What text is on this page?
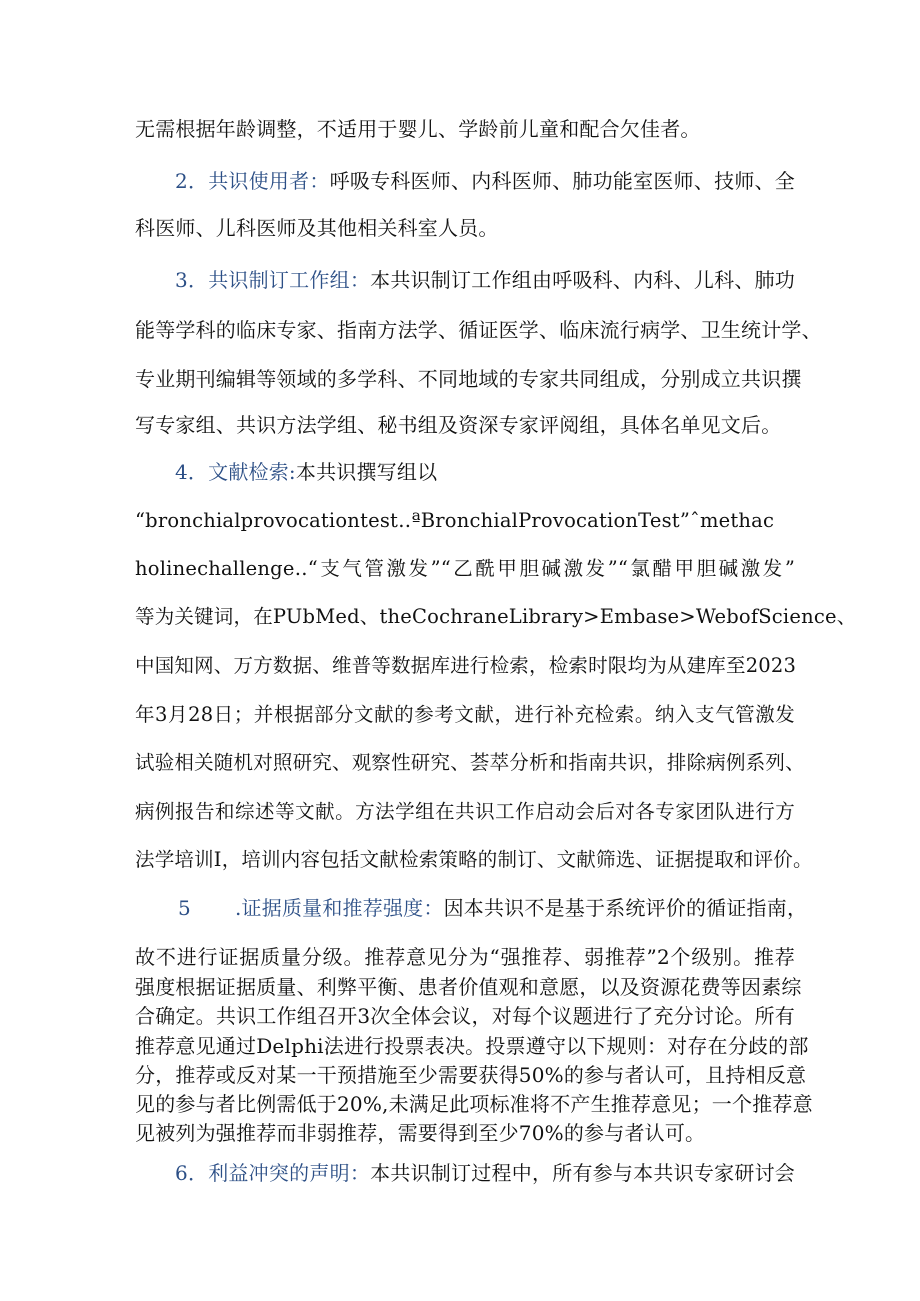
无需根据年龄调整，不适用于婴儿、学龄前儿童和配合欠佳者。
2．共识使用者：呼吸专科医师、内科医师、肺功能室医师、技师、全
科医师、儿科医师及其他相关科室人员。
3．共识制订工作组：本共识制订工作组由呼吸科、内科、儿科、肺功
能等学科的临床专家、指南方法学、循证医学、临床流行病学、卫生统计学、
专业期刊编辑等领域的多学科、不同地域的专家共同组成，分别成立共识撰
写专家组、共识方法学组、秘书组及资深专家评阅组，具体名单见文后。
4．文献检索:本共识撰写组以
“bronchialprovocationtest‥ªBronchialProvocationTest”ˆmethac
holinechallenge‥“支气管激发”“乙酰甲胆碱激发”“氯醋甲胆碱激发”
等为关键词，在PUbMed、theCochraneLibrary>Embase>WebofScience、
中国知网、万方数据、维普等数据库进行检索，检索时限均为从建库至2023
年3月28日；并根据部分文献的参考文献，进行补充检索。纳入支气管激发
试验相关随机对照研究、观察性研究、荟萃分析和指南共识，排除病例系列、
病例报告和综述等文献。方法学组在共识工作启动会后对各专家团队进行方
法学培训I，培训内容包括文献检索策略的制订、文献筛选、证据提取和评价。
5	.证据质量和推荐强度：因本共识不是基于系统评价的循证指南，
故不进行证据质量分级。推荐意见分为“强推荐、弱推荐”2个级别。推荐
强度根据证据质量、利弊平衡、患者价值观和意愿，以及资源花费等因素综
合确定。共识工作组召开3次全体会议，对每个议题进行了充分讨论。所有
推荐意见通过Delphi法进行投票表决。投票遵守以下规则：对存在分歧的部
分，推荐或反对某一干预措施至少需要获得50%的参与者认可，且持相反意
见的参与者比例需低于20%,未满足此项标准将不产生推荐意见；一个推荐意
见被列为强推荐而非弱推荐，需要得到至少70%的参与者认可。
6．利益冲突的声明：本共识制订过程中，所有参与本共识专家研讨会
